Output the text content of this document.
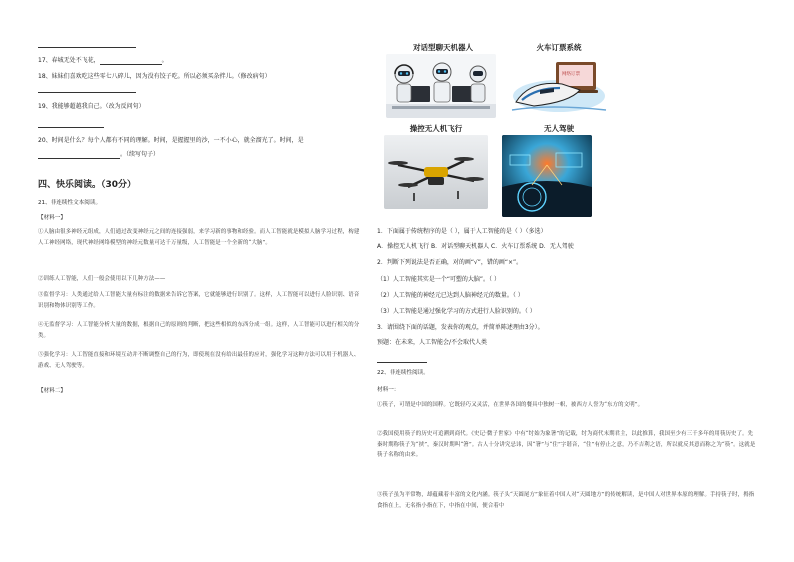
17、春城无处不飞花，	。
18、妹妹们喜欢吃这些零七八碎儿，因为没有饺子吃。所以必须买杂拌儿。（修改病句）
19、我能够超越我自己。（改为反问句）
20、时间是什么？每个人都有不同的理解。时间，是握握里的沙，一不小心，就全溜光了。时间，是
。（续写句子）
四、快乐阅读。（30分）
21、非连续性文本阅读。
【材料一】
①人脑由很多神经元组成，人们通过改变神经元之间的连接强弱，来学习新的事物和经验。而人工智能就是模拟人脑学习过程，构建人工神经网络，现代神经网络模型的神经元数量可达千万量级，人工智能是一个全新的“大脑”。
②训练人工智能，人们一般会使用以下几种方法——
③监督学习：人类通过给人工智能大量有标注的数据来告诉它答案，它就能够进行识别了。这样，人工智能可以进行人脸识别、语音识别和物体识别等工作。
④无监督学习：人工智能分析大量的数据，根据自己的原则的判断，把这些相似的东西分成一组。这样，人工智能可以进行相关的分类。
⑤强化学习：人工智能直接和环境互动并不断调整自己的行为，即使现在没有给出最佳的应对，强化学习这种方法可以用于机器人、游戏、无人驾驶等。
【材料二】
对话型聊天机器人	火车订票系统
网络订票
操控无人机飞行	无人驾驶
1．下面属于传统程序的是（ ），属于人工智能的是（ ）（多选）
A．操控无人机飞行 B．对话型聊天机器人 C．火车订票系统 D．无人驾驶
2．判断下列说法是否正确，对的画“√”，错的画“×”。
（1）人工智能其实是一个“可塑的大脑”。（ ）
（2）人工智能的神经元已达到人脑神经元的数量。（ ）
（3）人工智能是通过强化学习的方式进行人脸识别的。（ ）
3．请围绕下面的话题，发表你的观点，并简单陈述理由3分）。
预题：在未来，人工智能会/不会取代人类
22、非连续性阅读。
材料一：
①筷子，可谓是中国的国粹。它既轻巧又灵活，在世界各国的餐具中独树一帜，被西方人誉为“东方的文明”。
②我国使用筷子的历史可追溯到商代。《史记·微子世家》中有“纣始为象箸”的记载，纣为商代末期君主，以此推算，我国至少有三千多年的用筷历史了。先秦时期称筷子为“挟”，秦汉时期叫“箸”。古人十分讲究忌讳，因“箸”与“住”字谐音，“住”有停止之意，乃不吉利之语，所以就反其意而称之为“筷”。这就是筷子名称的由来。
③筷子虽为平常物，却蕴藏着丰富的文化内涵。筷子头“天圆尾方”象征着中国人对“天圆地方”的传统解读，是中国人对世界本原的理解。手持筷子时，拇指食指在上，无名指小指在下，中指在中间，便合着中
